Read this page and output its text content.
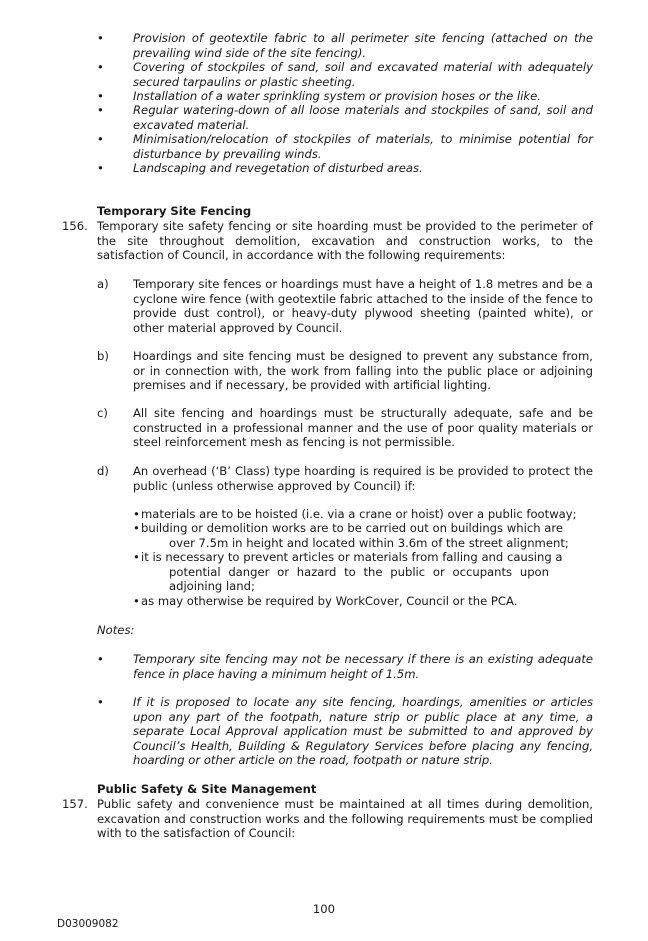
•	Provision of geotextile fabric to all perimeter site fencing (attached on the prevailing wind side of the site fencing).
•	Covering of stockpiles of sand, soil and excavated material with adequately secured tarpaulins or plastic sheeting.
•	Installation of a water sprinkling system or provision hoses or the like.
•	Regular watering-down of all loose materials and stockpiles of sand, soil and excavated material.
•	Minimisation/relocation of stockpiles of materials, to minimise potential for disturbance by prevailing winds.
•	Landscaping and revegetation of disturbed areas.
Temporary Site Fencing
156. Temporary site safety fencing or site hoarding must be provided to the perimeter of the site throughout demolition, excavation and construction works, to the satisfaction of Council, in accordance with the following requirements:
a) Temporary site fences or hoardings must have a height of 1.8 metres and be a cyclone wire fence (with geotextile fabric attached to the inside of the fence to provide dust control), or heavy-duty plywood sheeting (painted white), or other material approved by Council.
b) Hoardings and site fencing must be designed to prevent any substance from, or in connection with, the work from falling into the public place or adjoining premises and if necessary, be provided with artificial lighting.
c) All site fencing and hoardings must be structurally adequate, safe and be constructed in a professional manner and the use of poor quality materials or steel reinforcement mesh as fencing is not permissible.
d) An overhead (‘B’ Class) type hoarding is required is be provided to protect the public (unless otherwise approved by Council) if:
• materials are to be hoisted (i.e. via a crane or hoist) over a public footway;
• building or demolition works are to be carried out on buildings which are
over 7.5m in height and located within 3.6m of the street alignment;
• it is necessary to prevent articles or materials from falling and causing a
potential danger or hazard to the public or occupants upon adjoining land;
• as may otherwise be required by WorkCover, Council or the PCA.
Notes:
•	Temporary site fencing may not be necessary if there is an existing adequate fence in place having a minimum height of 1.5m.
•	If it is proposed to locate any site fencing, hoardings, amenities or articles upon any part of the footpath, nature strip or public place at any time, a separate Local Approval application must be submitted to and approved by Council’s Health, Building & Regulatory Services before placing any fencing, hoarding or other article on the road, footpath or nature strip.
Public Safety & Site Management
157. Public safety and convenience must be maintained at all times during demolition, excavation and construction works and the following requirements must be complied with to the satisfaction of Council:
100
D03009082
